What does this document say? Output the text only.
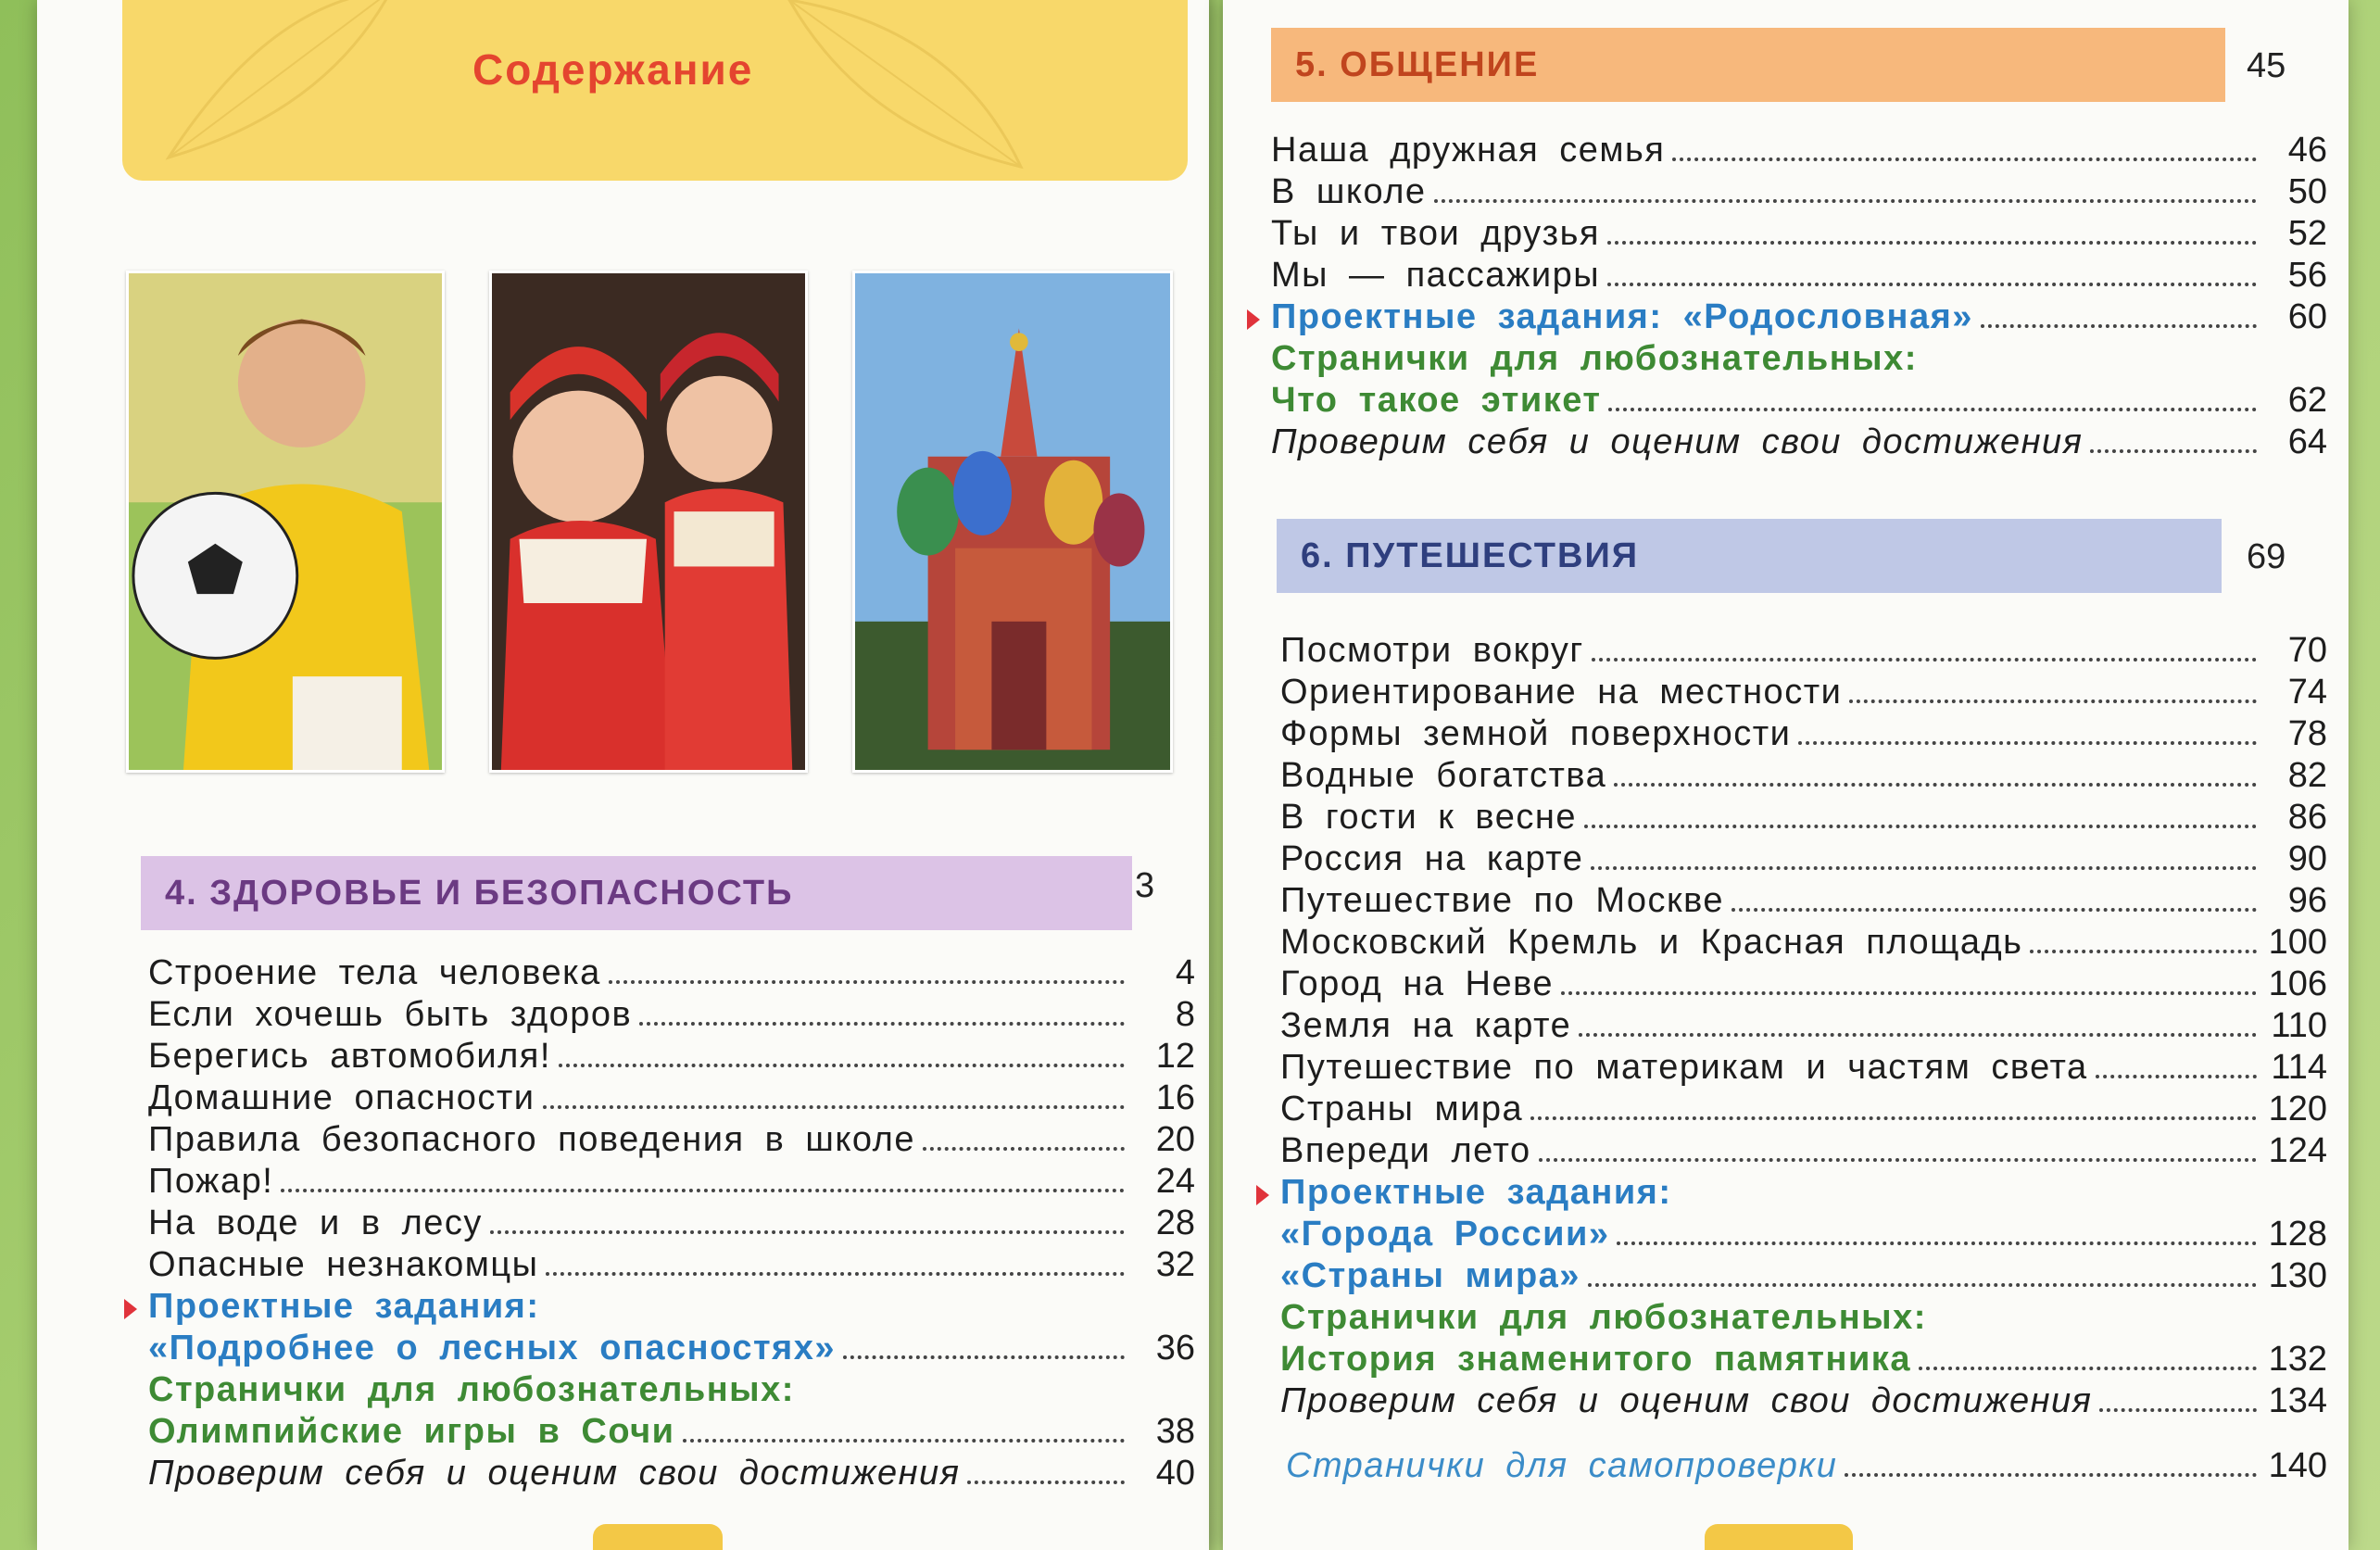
Содержание
4. ЗДОРОВЬЕ И БЕЗОПАСНОСТЬ	3
Строение тела человека	4
Если хочешь быть здоров	8
Берегись автомобиля!	12
Домашние опасности	16
Правила безопасного поведения в школе	20
Пожар!	24
На воде и в лесу	28
Опасные незнакомцы	32
Проектные задания:
«Подробнее о лесных опасностях»	36
Странички для любознательных:
Олимпийские игры в Сочи	38
Проверим себя и оценим свои достижения	40
5. ОБЩЕНИЕ	45
Наша дружная семья	46
В школе	50
Ты и твои друзья	52
Мы — пассажиры	56
Проектные задания: «Родословная»	60
Странички для любознательных:
Что такое этикет	62
Проверим себя и оценим свои достижения	64
6. ПУТЕШЕСТВИЯ	69
Посмотри вокруг	70
Ориентирование на местности	74
Формы земной поверхности	78
Водные богатства	82
В гости к весне	86
Россия на карте	90
Путешествие по Москве	96
Московский Кремль и Красная площадь	100
Город на Неве	106
Земля на карте	110
Путешествие по материкам и частям света	114
Страны мира	120
Впереди лето	124
Проектные задания:
«Города России»	128
«Страны мира»	130
Странички для любознательных:
История знаменитого памятника	132
Проверим себя и оценим свои достижения	134
Странички для самопроверки	140
